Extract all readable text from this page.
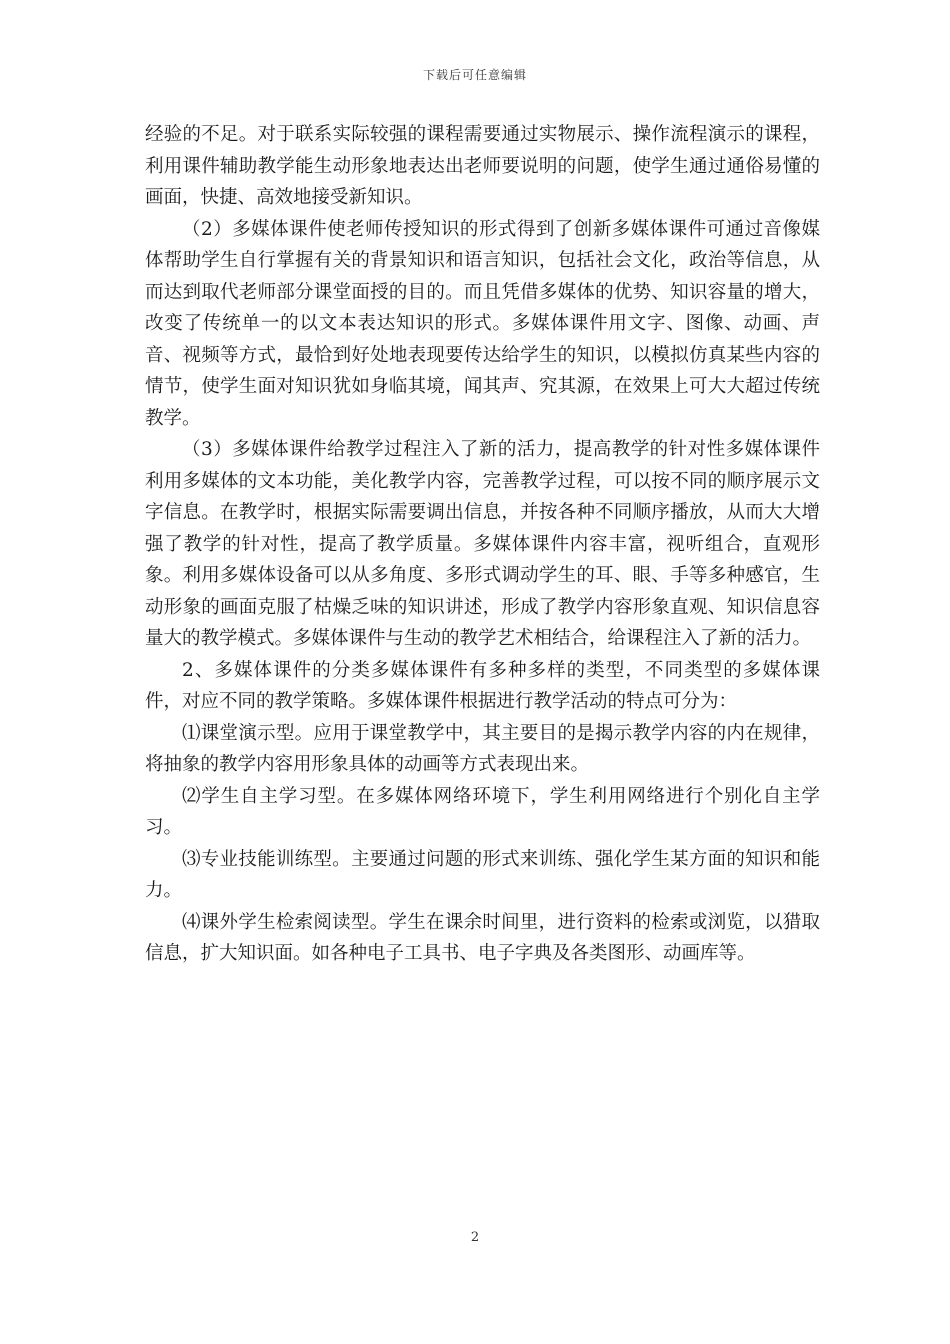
下载后可任意编辑

经验的不足。对于联系实际较强的课程需要通过实物展示、操作流程演示的课程，利用课件辅助教学能生动形象地表达出老师要说明的问题，使学生通过通俗易懂的画面，快捷、高效地接受新知识。

（2）多媒体课件使老师传授知识的形式得到了创新多媒体课件可通过音像媒体帮助学生自行掌握有关的背景知识和语言知识，包括社会文化，政治等信息，从而达到取代老师部分课堂面授的目的。而且凭借多媒体的优势、知识容量的增大，改变了传统单一的以文本表达知识的形式。多媒体课件用文字、图像、动画、声音、视频等方式，最恰到好处地表现要传达给学生的知识，以模拟仿真某些内容的情节，使学生面对知识犹如身临其境，闻其声、究其源，在效果上可大大超过传统教学。

（3）多媒体课件给教学过程注入了新的活力，提高教学的针对性多媒体课件利用多媒体的文本功能，美化教学内容，完善教学过程，可以按不同的顺序展示文字信息。在教学时，根据实际需要调出信息，并按各种不同顺序播放，从而大大增强了教学的针对性，提高了教学质量。多媒体课件内容丰富，视听组合，直观形象。利用多媒体设备可以从多角度、多形式调动学生的耳、眼、手等多种感官，生动形象的画面克服了枯燥乏味的知识讲述，形成了教学内容形象直观、知识信息容量大的教学模式。多媒体课件与生动的教学艺术相结合，给课程注入了新的活力。

2、多媒体课件的分类多媒体课件有多种多样的类型，不同类型的多媒体课件，对应不同的教学策略。多媒体课件根据进行教学活动的特点可分为：

⑴课堂演示型。应用于课堂教学中，其主要目的是揭示教学内容的内在规律，将抽象的教学内容用形象具体的动画等方式表现出来。

⑵学生自主学习型。在多媒体网络环境下，学生利用网络进行个别化自主学习。

⑶专业技能训练型。主要通过问题的形式来训练、强化学生某方面的知识和能力。

⑷课外学生检索阅读型。学生在课余时间里，进行资料的检索或浏览，以猎取信息，扩大知识面。如各种电子工具书、电子字典及各类图形、动画库等。

2
